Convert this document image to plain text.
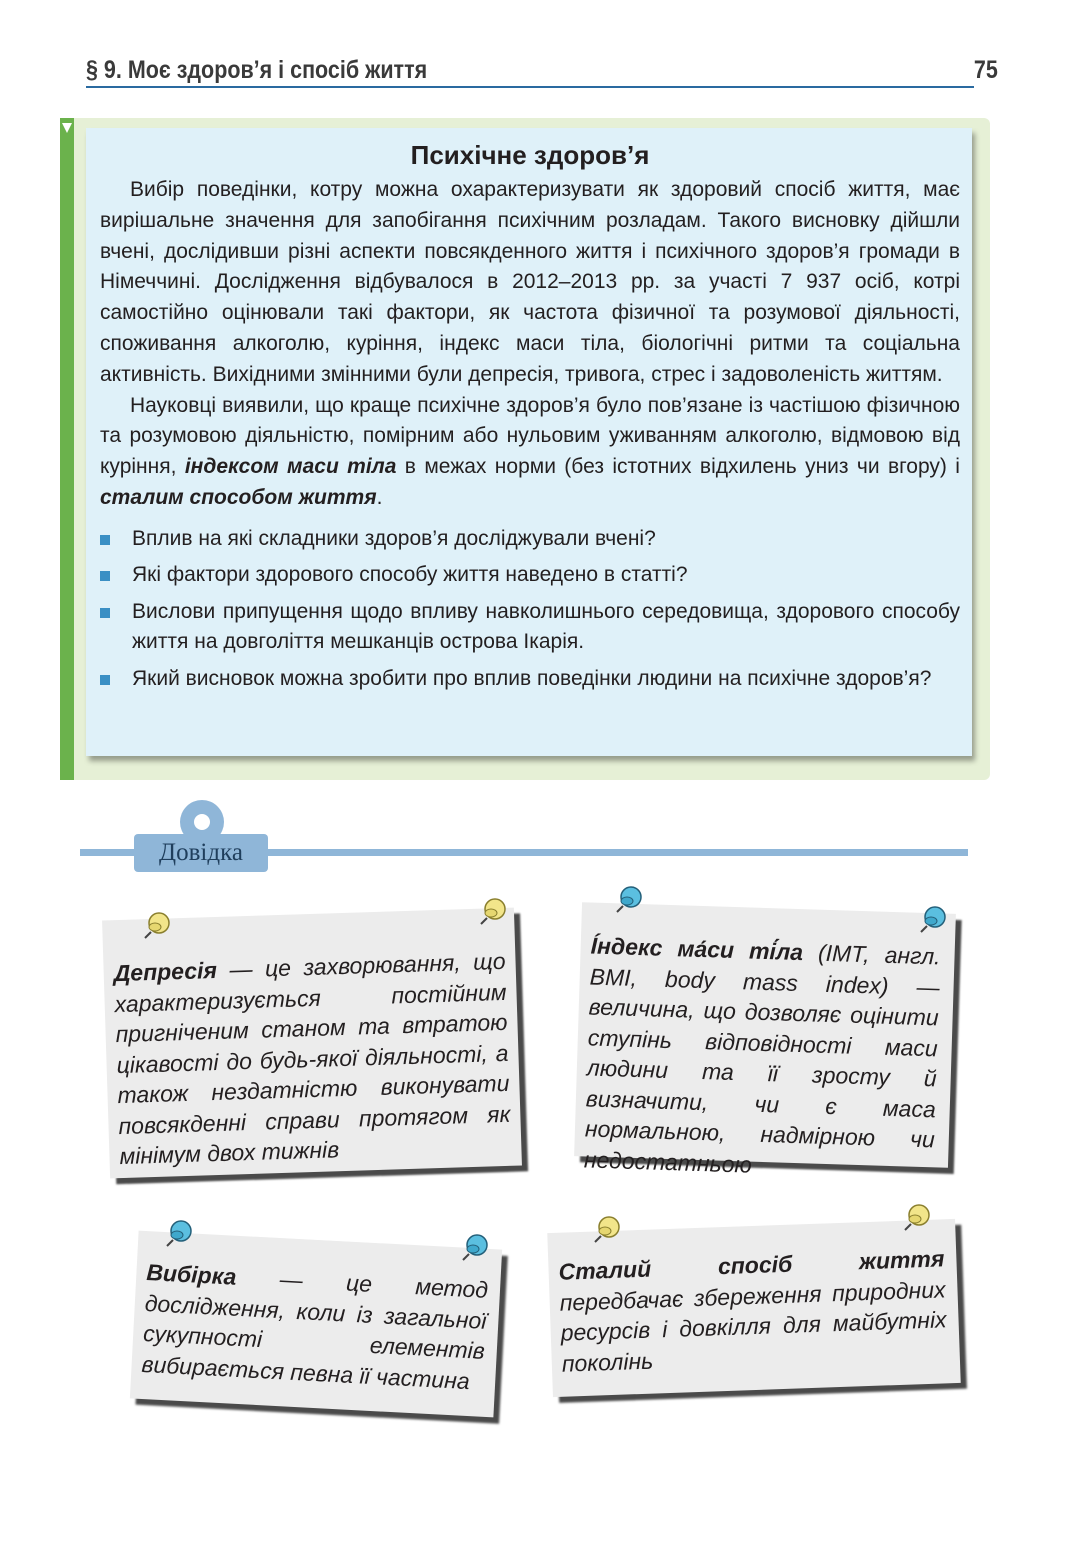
§ 9. Моє здоров’я і спосіб життя	75
Психічне здоров’я

Вибір поведінки, котру можна охарактеризувати як здоровий спосіб життя, має вирішальне значення для запобігання психічним розладам. Такого висновку дійшли вчені, дослідивши різні аспекти повсякденного життя і психічного здоров’я громади в Німеччині. Дослідження відбувалося в 2012–2013 рр. за участі 7 937 осіб, котрі самостійно оцінювали такі фактори, як частота фізичної та розумової діяльності, споживання алкоголю, куріння, індекс маси тіла, біологічні ритми та соціальна активність. Вихідними змінними були депресія, тривога, стрес і задоволеність життям.

Науковці виявили, що краще психічне здоров’я було пов’язане із частішою фізичною та розумовою діяльністю, помірним або нульовим уживанням алкоголю, відмовою від куріння, індексом маси тіла в межах норми (без істотних відхилень униз чи вгору) і сталим способом життя.

Вплив на які складники здоров’я досліджували вчені?
Які фактори здорового способу життя наведено в статті?
Вислови припущення щодо впливу навколишнього середовища, здорового способу життя на довголіття мешканців острова Ікарія.
Який висновок можна зробити про вплив поведінки людини на психічне здоров’я?
Довідка
Депресія — це захворювання, що характеризується постійним пригніченим станом та втратою цікавості до будь-якої діяльності, а також нездатністю виконувати повсякденні справи протягом як мінімум двох тижнів
Íндекс ма́си ті́ла (ІМТ, англ. BMI, body mass index) — величина, що дозволяє оцінити ступінь відповідності маси людини та її зросту й визначити, чи є маса нормальною, надмірною чи недостатньою
Вибірка — це метод дослідження, коли із загальної сукупності елементів вибирається певна її частина
Сталий спосіб життя передбачає збереження природних ресурсів і довкілля для майбутніх поколінь
